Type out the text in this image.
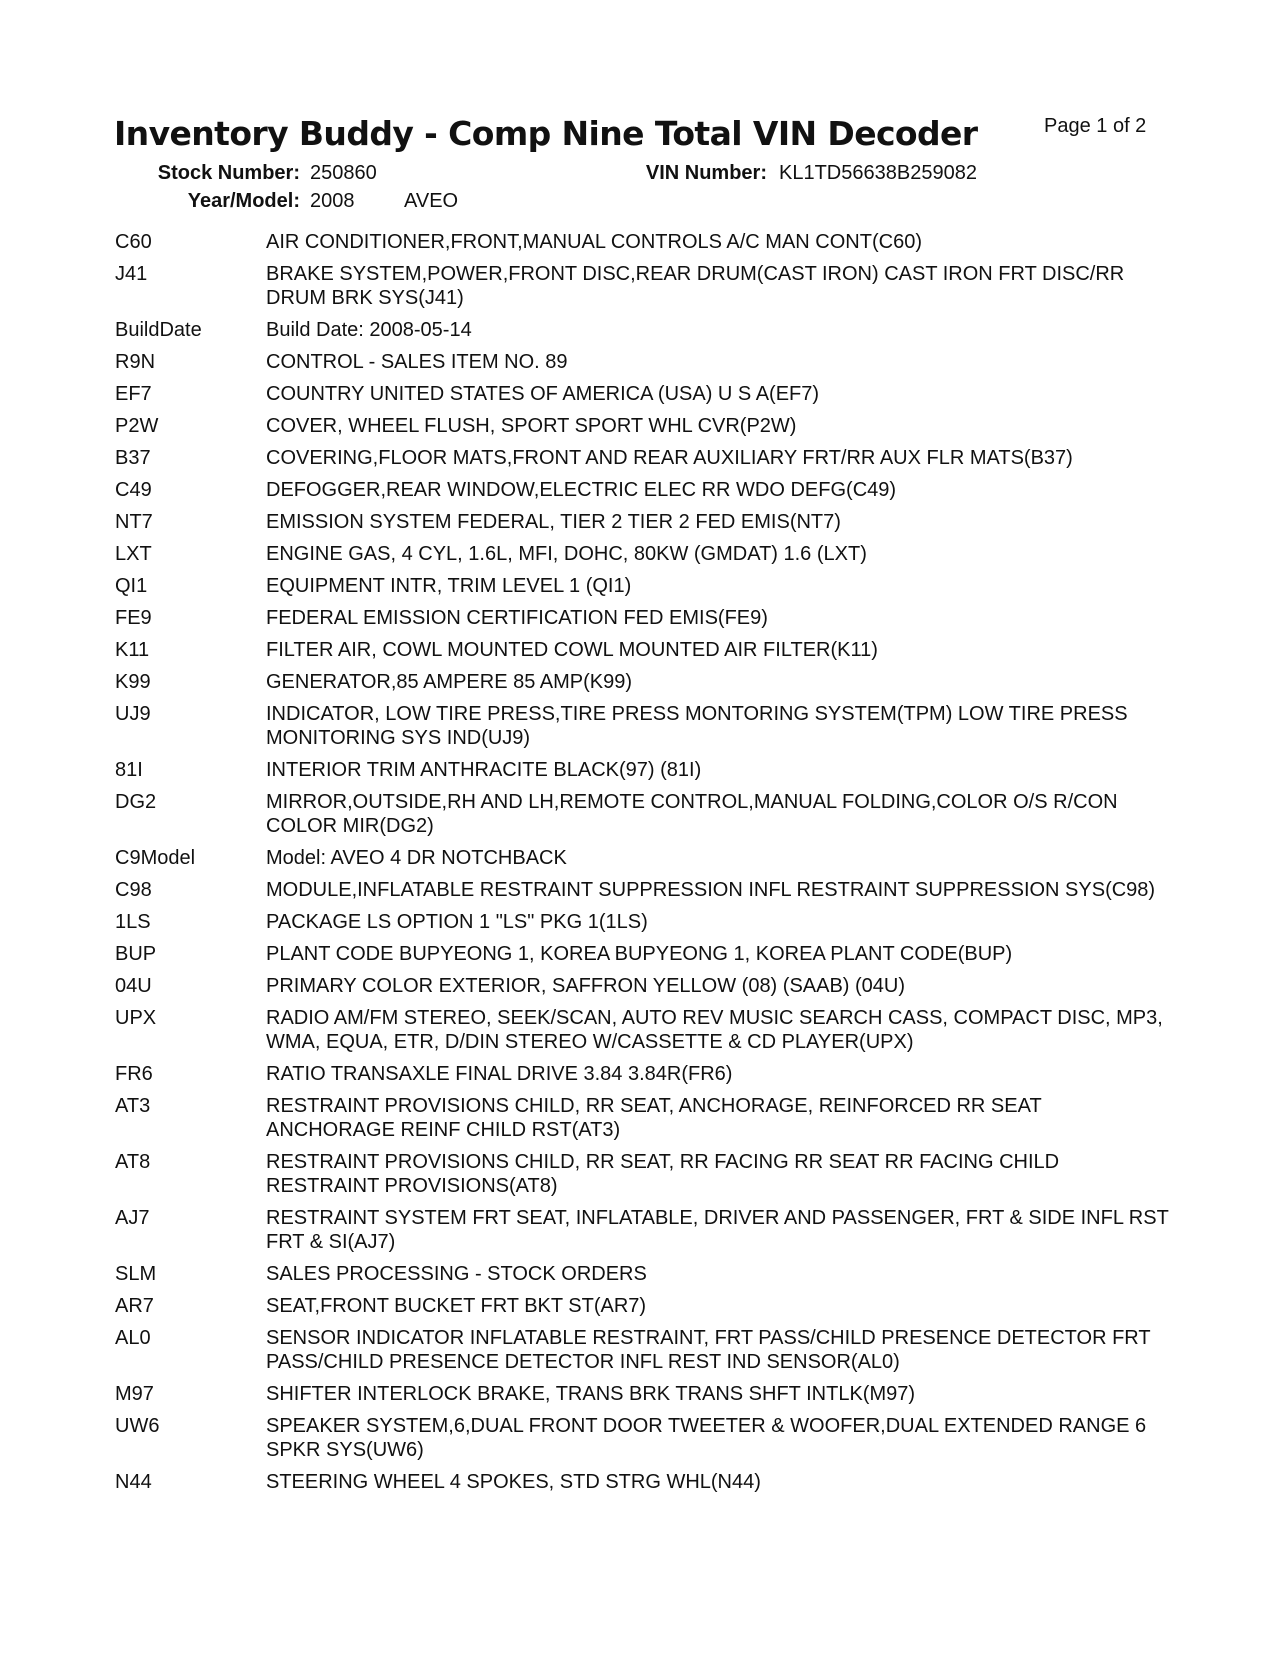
Inventory Buddy - Comp Nine Total VIN Decoder	Page 1 of 2
Stock Number: 250860	VIN Number: KL1TD56638B259082
Year/Model: 2008 AVEO
C60	AIR CONDITIONER,FRONT,MANUAL CONTROLS A/C MAN CONT(C60)
J41	BRAKE SYSTEM,POWER,FRONT DISC,REAR DRUM(CAST IRON) CAST IRON FRT DISC/RR DRUM BRK SYS(J41)
BuildDate	Build Date: 2008-05-14
R9N	CONTROL - SALES ITEM NO. 89
EF7	COUNTRY UNITED STATES OF AMERICA (USA) U S A(EF7)
P2W	COVER, WHEEL FLUSH, SPORT SPORT WHL CVR(P2W)
B37	COVERING,FLOOR MATS,FRONT AND REAR AUXILIARY FRT/RR AUX FLR MATS(B37)
C49	DEFOGGER,REAR WINDOW,ELECTRIC ELEC RR WDO DEFG(C49)
NT7	EMISSION SYSTEM FEDERAL, TIER 2 TIER 2 FED EMIS(NT7)
LXT	ENGINE GAS, 4 CYL, 1.6L, MFI, DOHC, 80KW (GMDAT) 1.6 (LXT)
QI1	EQUIPMENT INTR, TRIM LEVEL 1 (QI1)
FE9	FEDERAL EMISSION CERTIFICATION FED EMIS(FE9)
K11	FILTER AIR, COWL MOUNTED COWL MOUNTED AIR FILTER(K11)
K99	GENERATOR,85 AMPERE 85 AMP(K99)
UJ9	INDICATOR, LOW TIRE PRESS,TIRE PRESS MONTORING SYSTEM(TPM) LOW TIRE PRESS MONITORING SYS IND(UJ9)
81I	INTERIOR TRIM ANTHRACITE BLACK(97) (81I)
DG2	MIRROR,OUTSIDE,RH AND LH,REMOTE CONTROL,MANUAL FOLDING,COLOR O/S R/CON COLOR MIR(DG2)
C9Model	Model: AVEO 4 DR NOTCHBACK
C98	MODULE,INFLATABLE RESTRAINT SUPPRESSION INFL RESTRAINT SUPPRESSION SYS(C98)
1LS	PACKAGE LS OPTION 1 "LS" PKG 1(1LS)
BUP	PLANT CODE BUPYEONG 1, KOREA BUPYEONG 1, KOREA PLANT CODE(BUP)
04U	PRIMARY COLOR EXTERIOR, SAFFRON YELLOW (08) (SAAB) (04U)
UPX	RADIO AM/FM STEREO, SEEK/SCAN, AUTO REV MUSIC SEARCH CASS, COMPACT DISC, MP3, WMA, EQUA, ETR, D/DIN STEREO W/CASSETTE & CD PLAYER(UPX)
FR6	RATIO TRANSAXLE FINAL DRIVE 3.84 3.84R(FR6)
AT3	RESTRAINT PROVISIONS CHILD, RR SEAT, ANCHORAGE, REINFORCED RR SEAT ANCHORAGE REINF CHILD RST(AT3)
AT8	RESTRAINT PROVISIONS CHILD, RR SEAT, RR FACING RR SEAT RR FACING CHILD RESTRAINT PROVISIONS(AT8)
AJ7	RESTRAINT SYSTEM FRT SEAT, INFLATABLE, DRIVER AND PASSENGER, FRT & SIDE INFL RST FRT & SI(AJ7)
SLM	SALES PROCESSING - STOCK ORDERS
AR7	SEAT,FRONT BUCKET FRT BKT ST(AR7)
AL0	SENSOR INDICATOR INFLATABLE RESTRAINT, FRT PASS/CHILD PRESENCE DETECTOR FRT PASS/CHILD PRESENCE DETECTOR INFL REST IND SENSOR(AL0)
M97	SHIFTER INTERLOCK BRAKE, TRANS BRK TRANS SHFT INTLK(M97)
UW6	SPEAKER SYSTEM,6,DUAL FRONT DOOR TWEETER & WOOFER,DUAL EXTENDED RANGE 6 SPKR SYS(UW6)
N44	STEERING WHEEL 4 SPOKES, STD STRG WHL(N44)
